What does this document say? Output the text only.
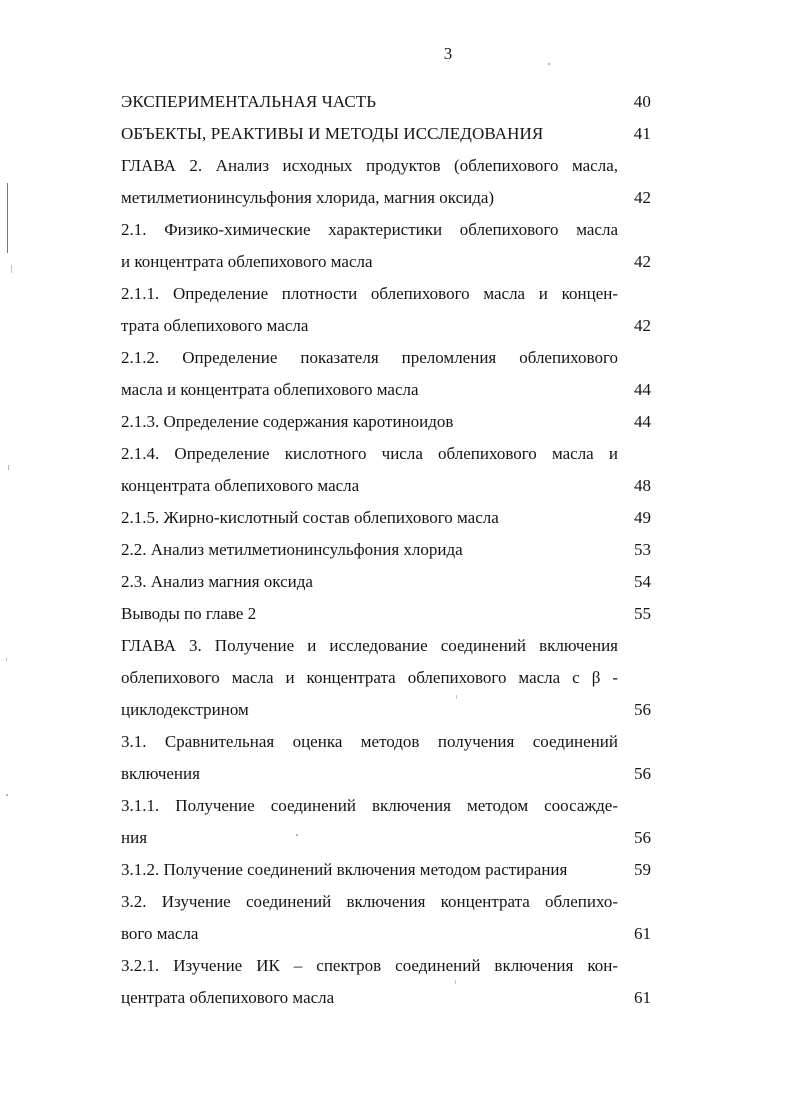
3
ЭКСПЕРИМЕНТАЛЬНАЯ ЧАСТЬ	40
ОБЪЕКТЫ, РЕАКТИВЫ И МЕТОДЫ ИССЛЕДОВАНИЯ	41
ГЛАВА 2. Анализ исходных продуктов (облепихового масла,
метилметионинсульфония хлорида, магния оксида)	42
2.1. Физико-химические характеристики облепихового масла
и концентрата облепихового масла	42
2.1.1. Определение плотности облепихового масла и концен-
трата облепихового масла	42
2.1.2. Определение показателя преломления облепихового
масла и концентрата облепихового масла	44
2.1.3. Определение содержания каротиноидов	44
2.1.4. Определение кислотного числа облепихового масла и
концентрата облепихового масла	48
2.1.5. Жирно-кислотный состав облепихового масла	49
2.2. Анализ метилметионинсульфония хлорида	53
2.3. Анализ магния оксида	54
Выводы по главе 2	55
ГЛАВА 3. Получение и исследование соединений включения
облепихового масла и концентрата облепихового масла с β -
циклодекстрином	56
3.1. Сравнительная оценка методов получения соединений
включения	56
3.1.1. Получение соединений включения методом соосажде-
ния	56
3.1.2. Получение соединений включения методом растирания	59
3.2. Изучение соединений включения концентрата облепихо-
вого масла	61
3.2.1. Изучение ИК – спектров соединений включения кон-
центрата облепихового масла	61
